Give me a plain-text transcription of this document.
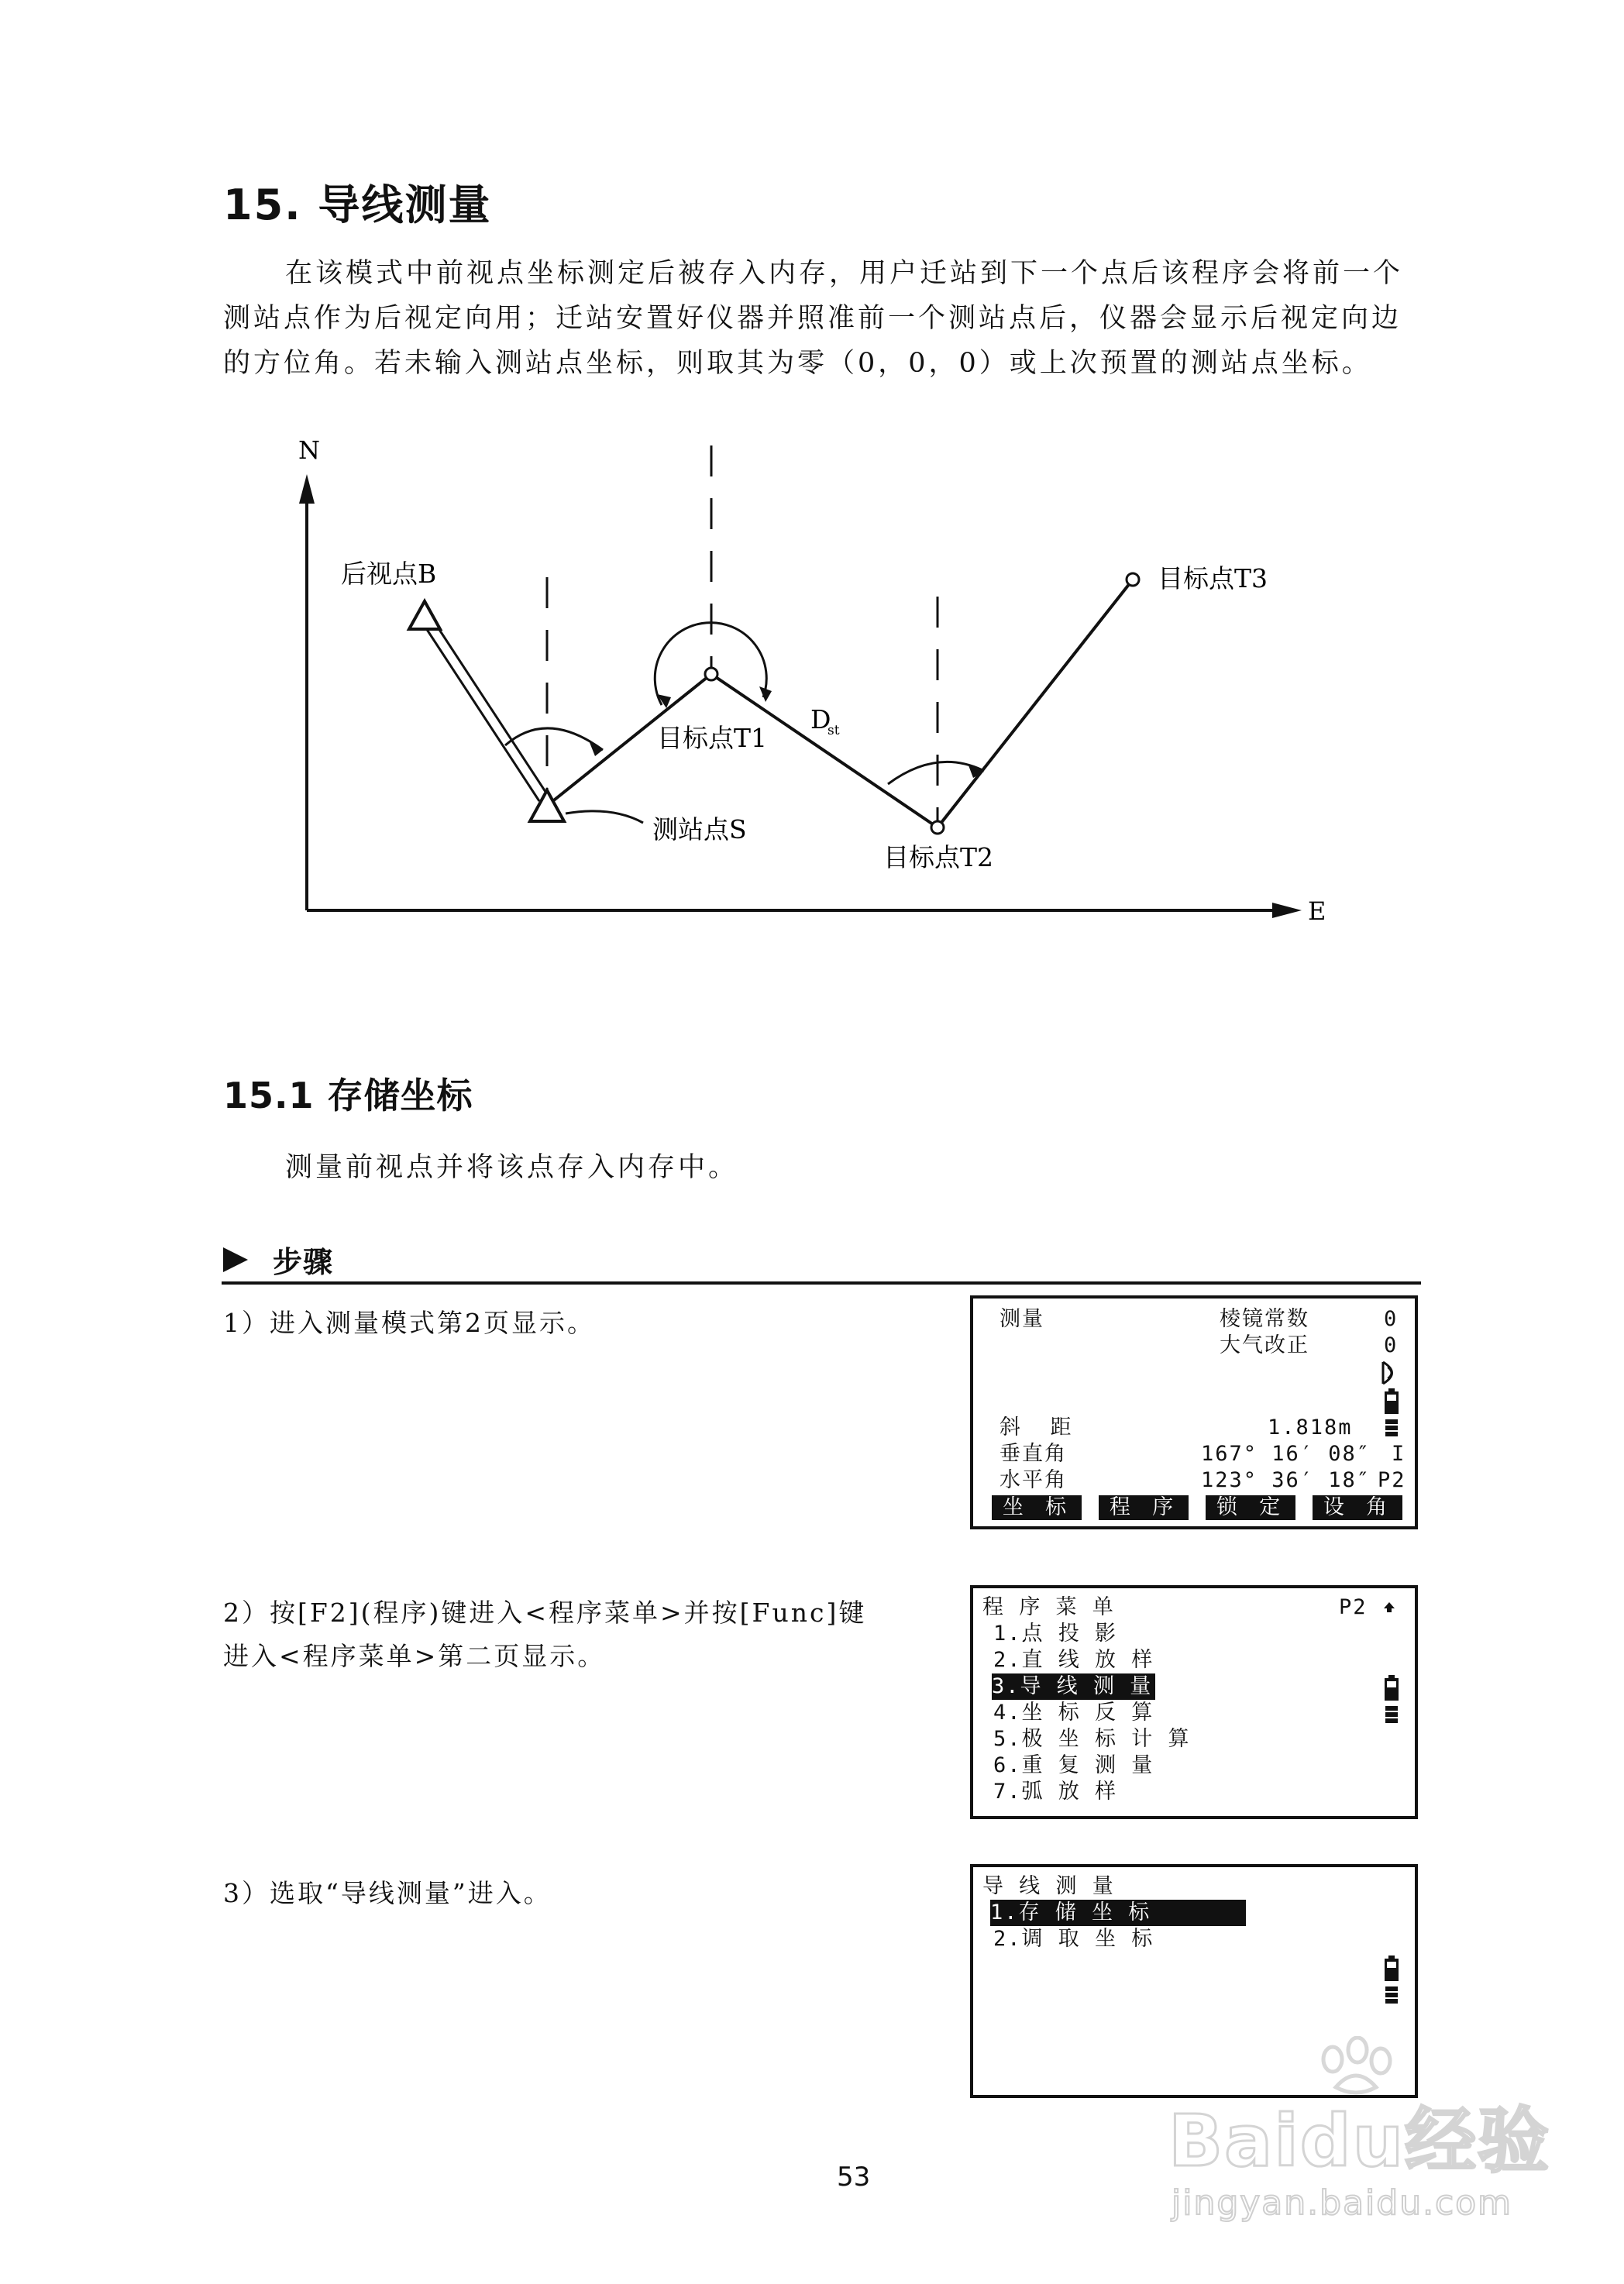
15. 导线测量
在该模式中前视点坐标测定后被存入内存，用户迁站到下一个点后该程序会将前一个
测站点作为后视定向用；迁站安置好仪器并照准前一个测站点后，仪器会显示后视定向边
的方位角。若未输入测站点坐标，则取其为零（0，0，0）或上次预置的测站点坐标。
N
E
后视点B
测站点S
目标点T1
目标点T2
目标点T3
D
st
15.1 存储坐标
测量前视点并将该点存入内存中。
步骤
1）进入测量模式第2页显示。
2）按[F2](程序)键进入<程序菜单>并按[Func]键
进入<程序菜单>第二页显示。
3）选取“导线测量”进入。
测量	棱镜常数	0
大气改正	0
斜  距	1.818m
垂直角	167° 16′ 08″ I
水平角	123° 36′ 18″ P2
坐 标	程 序	锁 定	设 角
程 序 菜 单	P2
1.点 投 影
2.直 线 放 样
3.导 线 测 量
4.坐 标 反 算
5.极 坐 标 计 算
6.重 复 测 量
7.弧 放 样
导 线 测 量
1.存 储 坐 标
2.调 取 坐 标
53	Baidu经验
jingyan.baidu.com
